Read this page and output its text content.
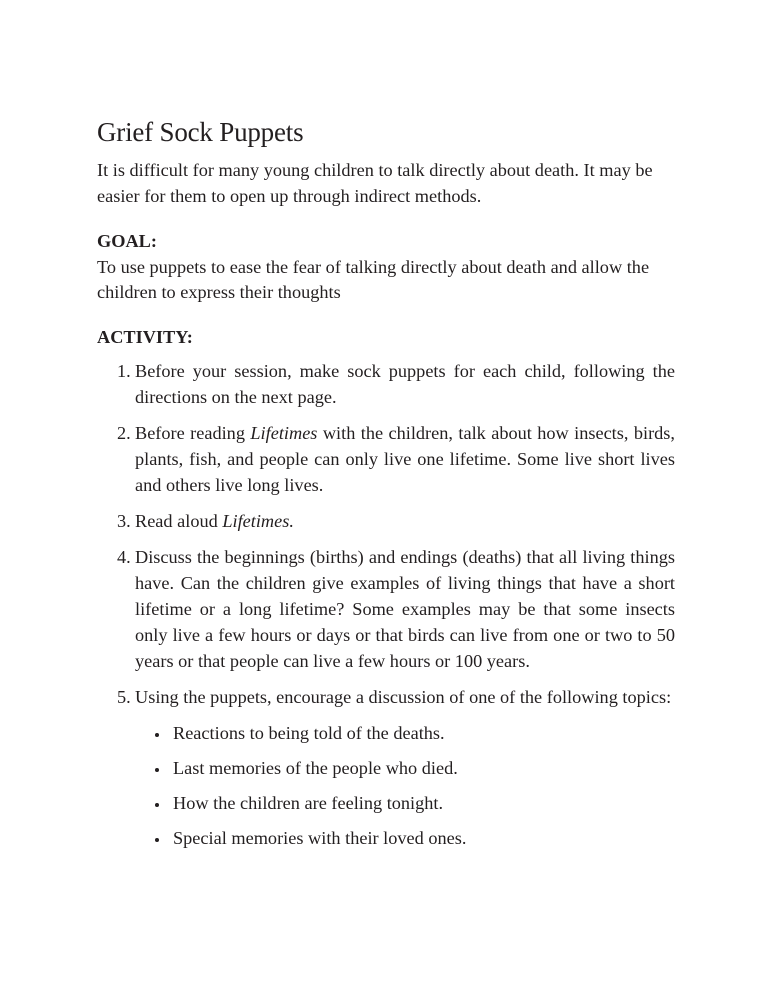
Grief Sock Puppets

It is difficult for many young children to talk directly about death. It may be easier for them to open up through indirect methods.

GOAL:

To use puppets to ease the fear of talking directly about death and allow the children to express their thoughts

ACTIVITY:

1. Before your session, make sock puppets for each child, following the directions on the next page.
2. Before reading Lifetimes with the children, talk about how insects, birds, plants, fish, and people can only live one lifetime. Some live short lives and others live long lives.
3. Read aloud Lifetimes.
4. Discuss the beginnings (births) and endings (deaths) that all living things have. Can the children give examples of living things that have a short lifetime or a long lifetime? Some examples may be that some insects only live a few hours or days or that birds can live from one or two to 50 years or that people can live a few hours or 100 years.
5. Using the puppets, encourage a discussion of one of the following topics:
Reactions to being told of the deaths.
Last memories of the people who died.
How the children are feeling tonight.
Special memories with their loved ones.
